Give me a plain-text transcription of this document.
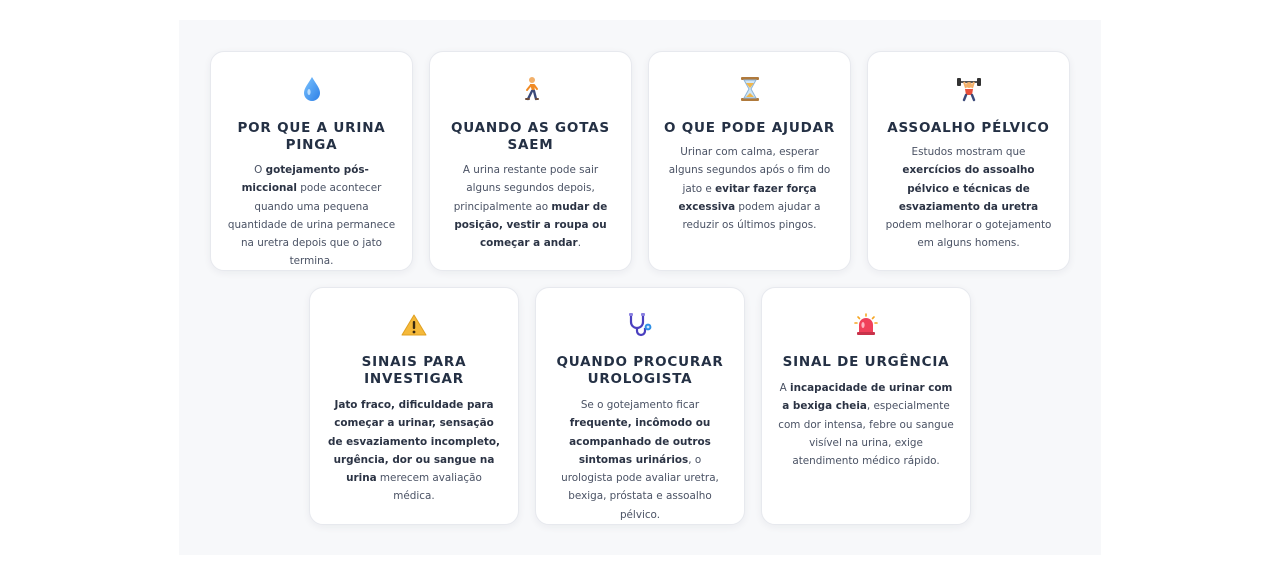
POR QUE A URINA PINGA
O gotejamento pós-miccional pode acontecer quando uma pequena quantidade de urina permanece na uretra depois que o jato termina.
QUANDO AS GOTAS SAEM
A urina restante pode sair alguns segundos depois, principalmente ao mudar de posição, vestir a roupa ou começar a andar.
O QUE PODE AJUDAR
Urinar com calma, esperar alguns segundos após o fim do jato e evitar fazer força excessiva podem ajudar a reduzir os últimos pingos.
ASSOALHO PÉLVICO
Estudos mostram que exercícios do assoalho pélvico e técnicas de esvaziamento da uretra podem melhorar o gotejamento em alguns homens.
SINAIS PARA INVESTIGAR
Jato fraco, dificuldade para começar a urinar, sensação de esvaziamento incompleto, urgência, dor ou sangue na urina merecem avaliação médica.
QUANDO PROCURAR UROLOGISTA
Se o gotejamento ficar frequente, incômodo ou acompanhado de outros sintomas urinários, o urologista pode avaliar uretra, bexiga, próstata e assoalho pélvico.
SINAL DE URGÊNCIA
A incapacidade de urinar com a bexiga cheia, especialmente com dor intensa, febre ou sangue visível na urina, exige atendimento médico rápido.
